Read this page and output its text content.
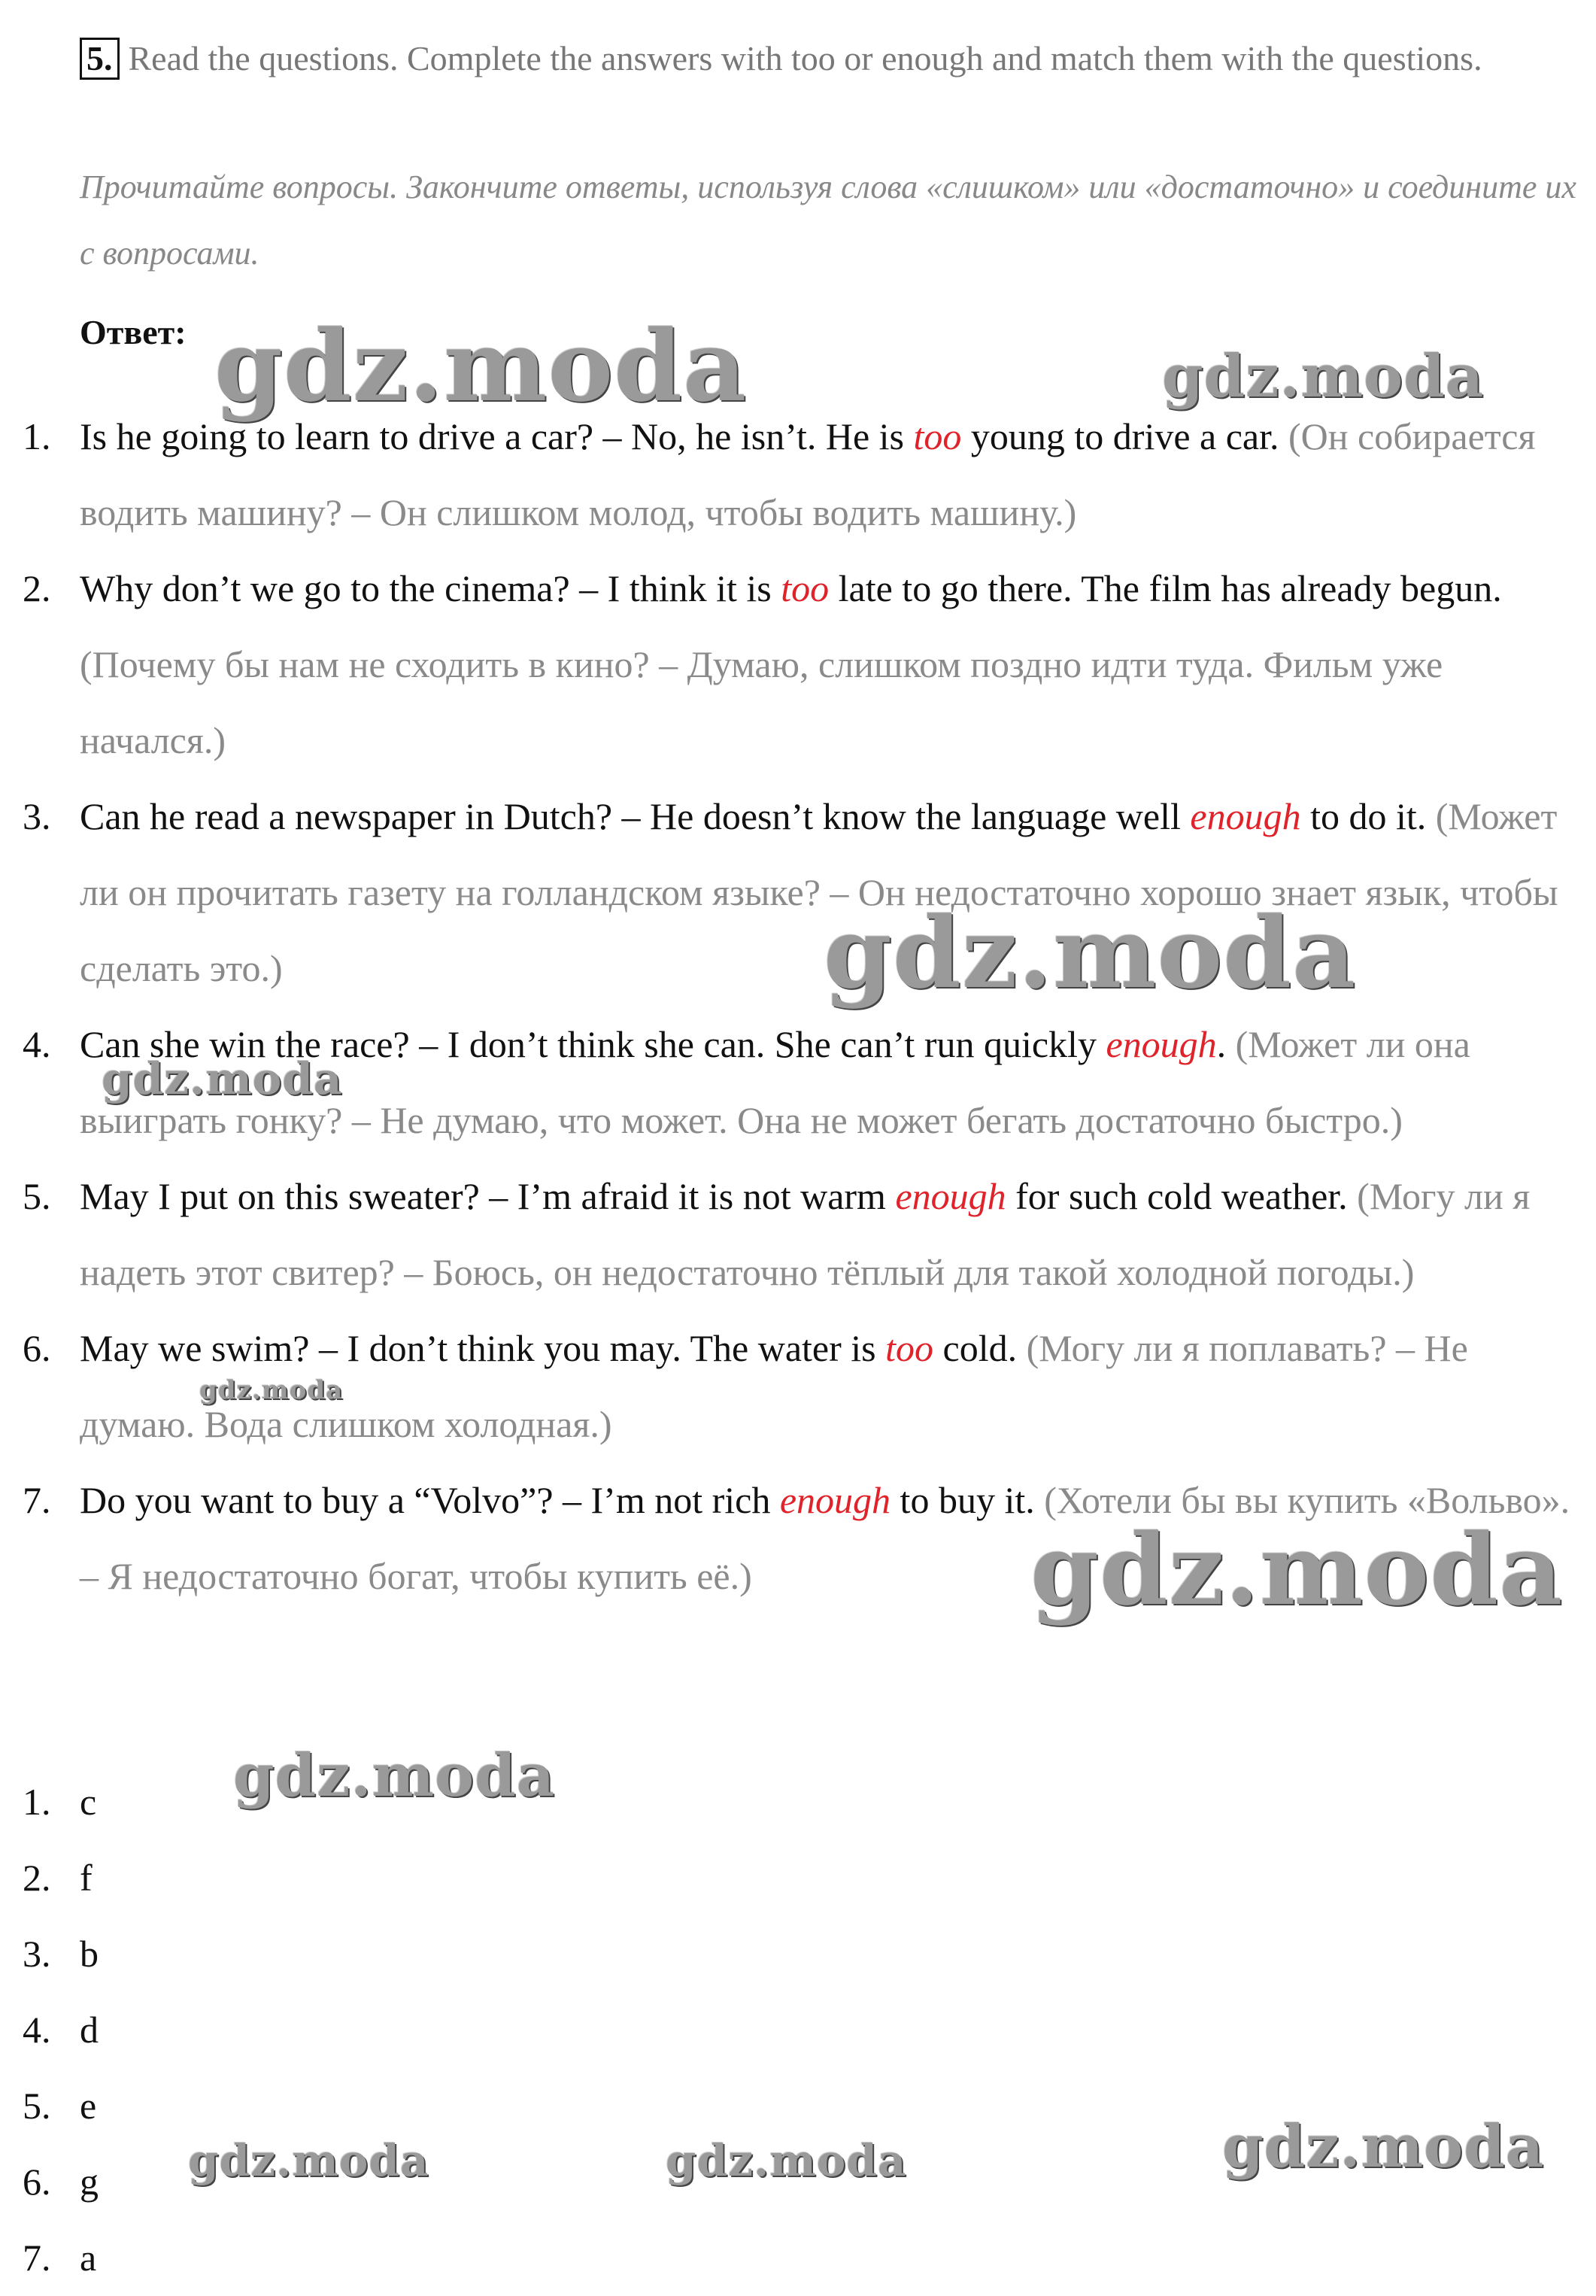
5. Read the questions. Complete the answers with too or enough and match them with the questions.
Прочитайте вопросы. Закончите ответы, используя слова «слишком» или «достаточно» и соедините их с вопросами.
Ответ:
1. Is he going to learn to drive a car? – No, he isn’t. He is too young to drive a car. (Он собирается водить машину? – Он слишком молод, чтобы водить машину.)
2. Why don’t we go to the cinema? – I think it is too late to go there. The film has already begun. (Почему бы нам не сходить в кино? – Думаю, слишком поздно идти туда. Фильм уже начался.)
3. Can he read a newspaper in Dutch? – He doesn’t know the language well enough to do it. (Может ли он прочитать газету на голландском языке? – Он недостаточно хорошо знает язык, чтобы сделать это.)
4. Can she win the race? – I don’t think she can. She can’t run quickly enough. (Может ли она выиграть гонку? – Не думаю, что может. Она не может бегать достаточно быстро.)
5. May I put on this sweater? – I’m afraid it is not warm enough for such cold weather. (Могу ли я надеть этот свитер? – Боюсь, он недостаточно тёплый для такой холодной погоды.)
6. May we swim? – I don’t think you may. The water is too cold. (Могу ли я поплавать? – Не думаю. Вода слишком холодная.)
7. Do you want to buy a “Volvo”? – I’m not rich enough to buy it. (Хотели бы вы купить «Вольво». – Я недостаточно богат, чтобы купить её.)
1. c
2. f
3. b
4. d
5. e
6. g
7. a
gdz.moda	gdz.moda
gdz.moda
gdz.moda
gdz.moda
gdz.moda
gdz.moda
gdz.moda	gdz.moda	gdz.moda
